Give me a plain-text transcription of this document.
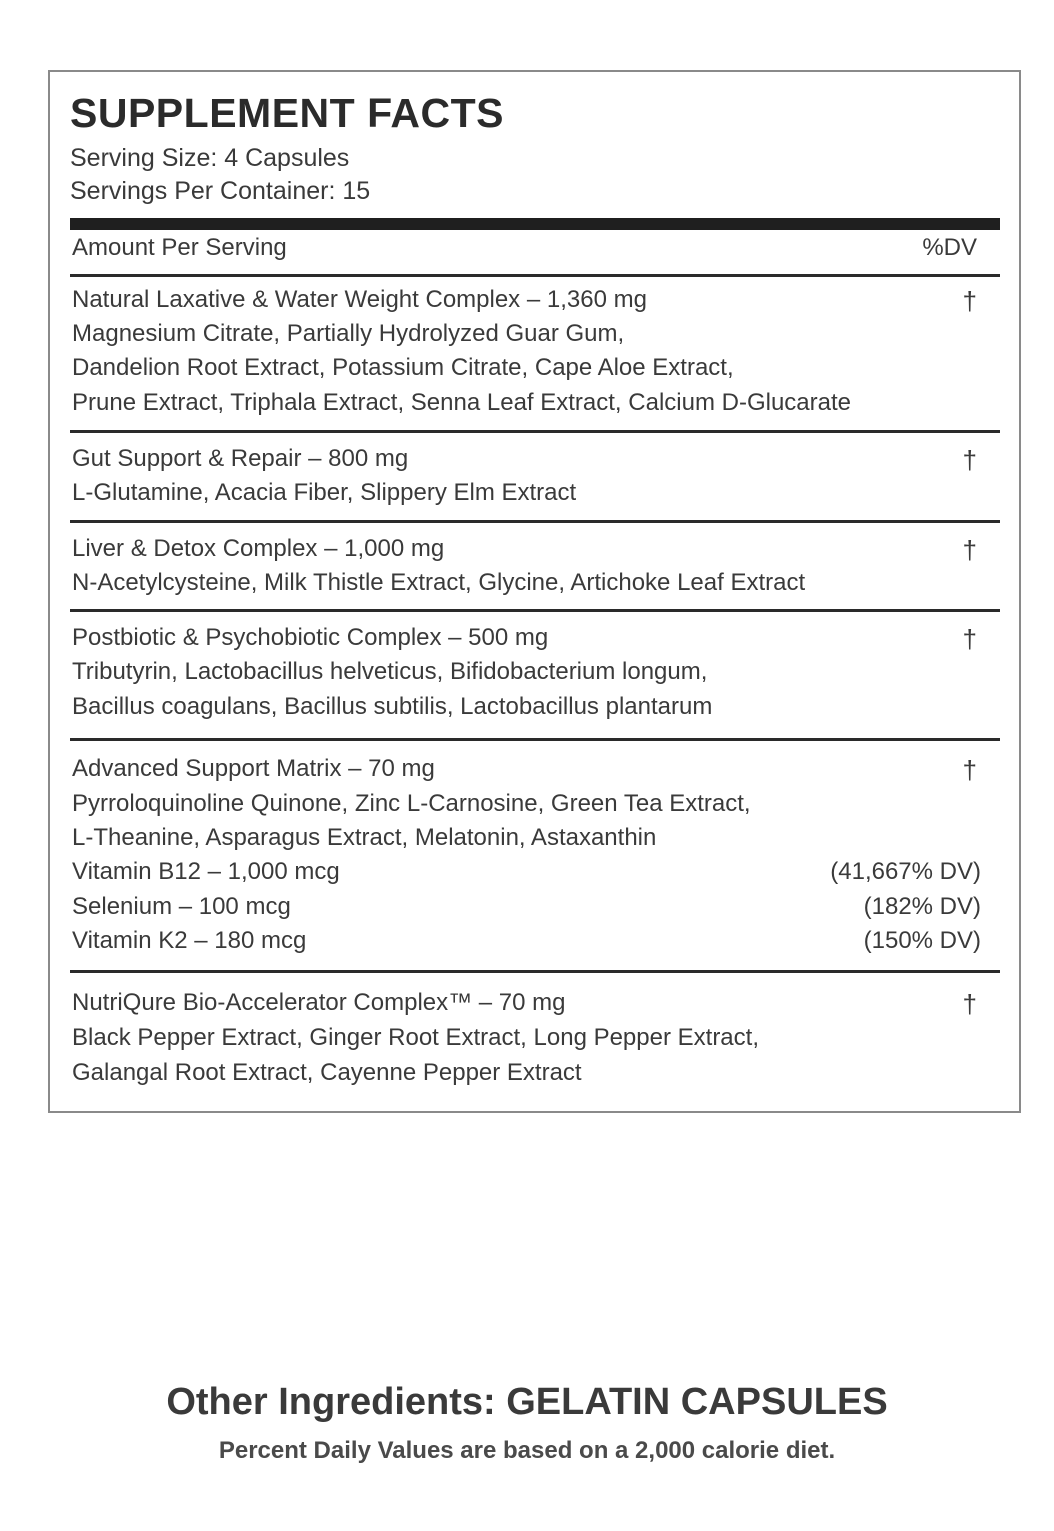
SUPPLEMENT FACTS
Serving Size: 4 Capsules
Servings Per Container: 15
Amount Per Serving	%DV
Natural Laxative & Water Weight Complex – 1,360 mg	†
Magnesium Citrate, Partially Hydrolyzed Guar Gum,
Dandelion Root Extract, Potassium Citrate, Cape Aloe Extract,
Prune Extract, Triphala Extract, Senna Leaf Extract, Calcium D-Glucarate
Gut Support & Repair – 800 mg	†
L-Glutamine, Acacia Fiber, Slippery Elm Extract
Liver & Detox Complex – 1,000 mg	†
N-Acetylcysteine, Milk Thistle Extract, Glycine, Artichoke Leaf Extract
Postbiotic & Psychobiotic Complex – 500 mg	†
Tributyrin, Lactobacillus helveticus, Bifidobacterium longum,
Bacillus coagulans, Bacillus subtilis, Lactobacillus plantarum
Advanced Support Matrix – 70 mg	†
Pyrroloquinoline Quinone, Zinc L-Carnosine, Green Tea Extract,
L-Theanine, Asparagus Extract, Melatonin, Astaxanthin
Vitamin B12 – 1,000 mcg	(41,667% DV)
Selenium – 100 mcg	(182% DV)
Vitamin K2 – 180 mcg	(150% DV)
NutriQure Bio-Accelerator Complex™ – 70 mg	†
Black Pepper Extract, Ginger Root Extract, Long Pepper Extract,
Galangal Root Extract, Cayenne Pepper Extract
Other Ingredients: GELATIN CAPSULES
Percent Daily Values are based on a 2,000 calorie diet.
